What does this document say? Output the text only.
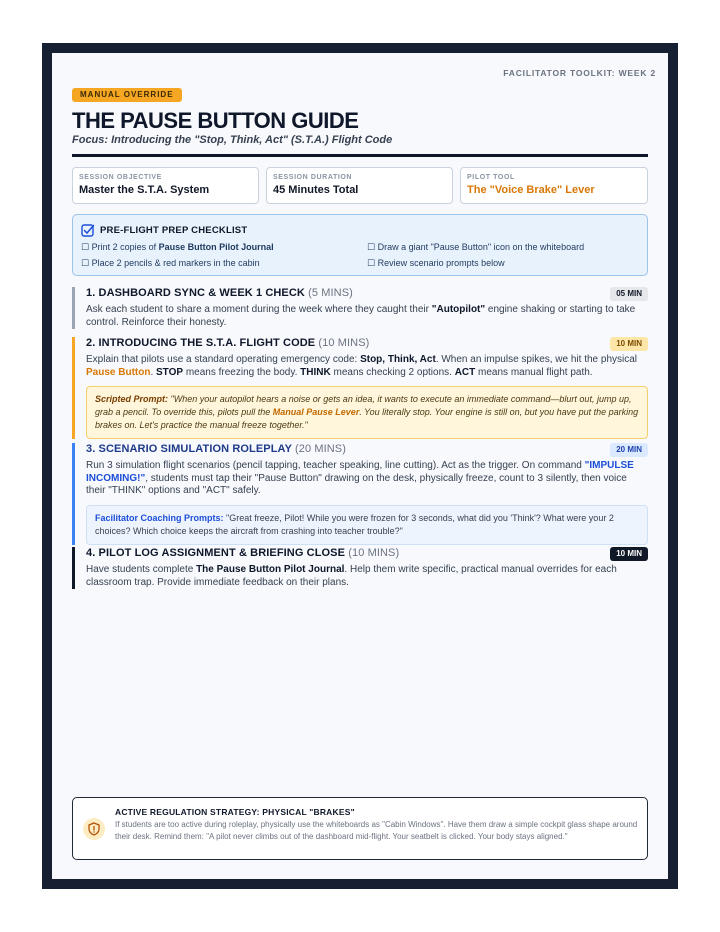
FACILITATOR TOOLKIT: WEEK 2
MANUAL OVERRIDE
THE PAUSE BUTTON GUIDE
Focus: Introducing the "Stop, Think, Act" (S.T.A.) Flight Code
SESSION OBJECTIVE
Master the S.T.A. System
SESSION DURATION
45 Minutes Total
PILOT TOOL
The "Voice Brake" Lever
PRE-FLIGHT PREP CHECKLIST
☐ Print 2 copies of Pause Button Pilot Journal
☐ Place 2 pencils & red markers in the cabin
☐ Draw a giant "Pause Button" icon on the whiteboard
☐ Review scenario prompts below
1. DASHBOARD SYNC & WEEK 1 CHECK (5 MINS)	05 MIN
Ask each student to share a moment during the week where they caught their "Autopilot" engine shaking or starting to take control. Reinforce their honesty.
2. INTRODUCING THE S.T.A. FLIGHT CODE (10 MINS)	10 MIN
Explain that pilots use a standard operating emergency code: Stop, Think, Act. When an impulse spikes, we hit the physical Pause Button. STOP means freezing the body. THINK means checking 2 options. ACT means manual flight path.
Scripted Prompt: "When your autopilot hears a noise or gets an idea, it wants to execute an immediate command—blurt out, jump up, grab a pencil. To override this, pilots pull the Manual Pause Lever. You literally stop. Your engine is still on, but you have put the parking brakes on. Let's practice the manual freeze together."
3. SCENARIO SIMULATION ROLEPLAY (20 MINS)	20 MIN
Run 3 simulation flight scenarios (pencil tapping, teacher speaking, line cutting). Act as the trigger. On command "IMPULSE INCOMING!", students must tap their "Pause Button" drawing on the desk, physically freeze, count to 3 silently, then voice their "THINK" options and "ACT" safely.
Facilitator Coaching Prompts: "Great freeze, Pilot! While you were frozen for 3 seconds, what did you 'Think'? What were your 2 choices? Which choice keeps the aircraft from crashing into teacher trouble?"
4. PILOT LOG ASSIGNMENT & BRIEFING CLOSE (10 MINS)	10 MIN
Have students complete The Pause Button Pilot Journal. Help them write specific, practical manual overrides for each classroom trap. Provide immediate feedback on their plans.
ACTIVE REGULATION STRATEGY: PHYSICAL "BRAKES"
If students are too active during roleplay, physically use the whiteboards as "Cabin Windows". Have them draw a simple cockpit glass shape around their desk. Remind them: "A pilot never climbs out of the dashboard mid-flight. Your seatbelt is clicked. Your body stays aligned."
